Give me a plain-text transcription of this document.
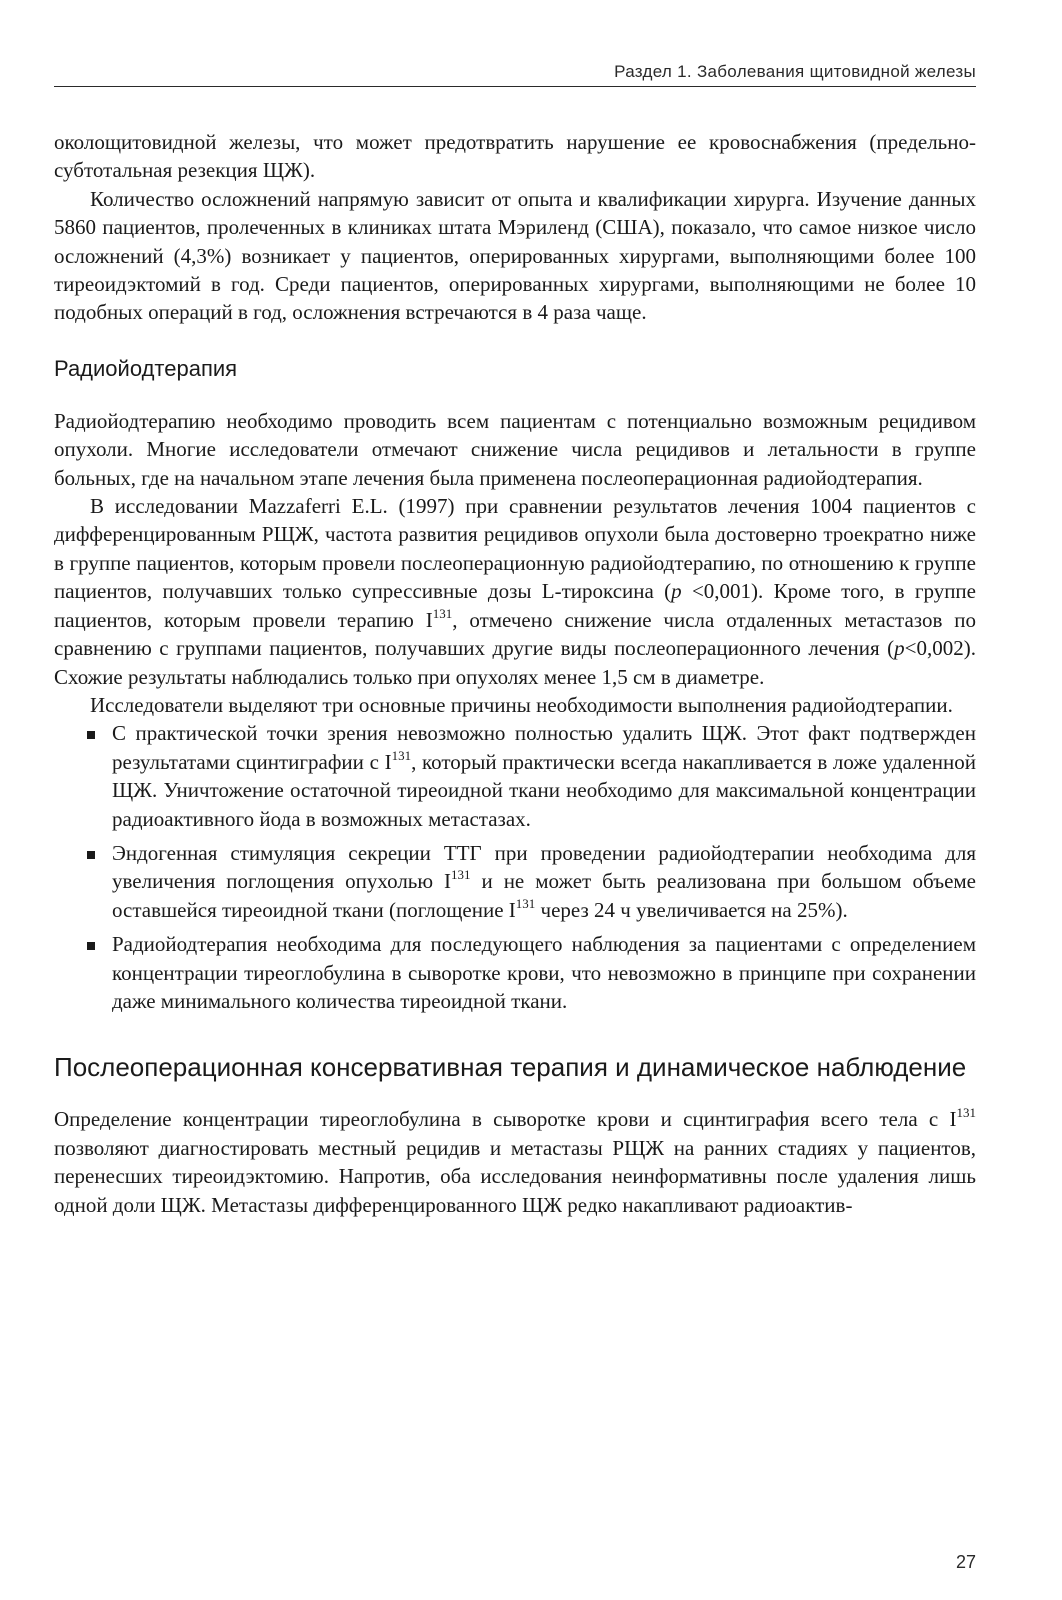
Раздел 1. Заболевания щитовидной железы

околощитовидной железы, что может предотвратить нарушение ее кровоснабжения (предельно-субтотальная резекция ЩЖ).

Количество осложнений напрямую зависит от опыта и квалификации хирурга. Изучение данных 5860 пациентов, пролеченных в клиниках штата Мэриленд (США), показало, что самое низкое число осложнений (4,3%) возникает у пациентов, оперированных хирургами, выполняющими более 100 тиреоидэктомий в год. Среди пациентов, оперированных хирургами, выполняющими не более 10 подобных операций в год, осложнения встречаются в 4 раза чаще.

Радиойодтерапия

Радиойодтерапию необходимо проводить всем пациентам с потенциально возможным рецидивом опухоли. Многие исследователи отмечают снижение числа рецидивов и летальности в группе больных, где на начальном этапе лечения была применена послеоперационная радиойодтерапия.

В исследовании Mazzaferri E.L. (1997) при сравнении результатов лечения 1004 пациентов с дифференцированным РЩЖ, частота развития рецидивов опухоли была достоверно троекратно ниже в группе пациентов, которым провели послеоперационную радиойодтерапию, по отношению к группе пациентов, получавших только супрессивные дозы L-тироксина (p <0,001). Кроме того, в группе пациентов, которым провели терапию $I^{131}$, отмечено снижение числа отдаленных метастазов по сравнению с группами пациентов, получавших другие виды послеоперационного лечения (p<0,002). Схожие результаты наблюдались только при опухолях менее 1,5 см в диаметре.

Исследователи выделяют три основные причины необходимости выполнения радиойодтерапии.

С практической точки зрения невозможно полностью удалить ЩЖ. Этот факт подтвержден результатами сцинтиграфии с $I^{131}$, который практически всегда накапливается в ложе удаленной ЩЖ. Уничтожение остаточной тиреоидной ткани необходимо для максимальной концентрации радиоактивного йода в возможных метастазах.

Эндогенная стимуляция секреции ТТГ при проведении радиойодтерапии необходима для увеличения поглощения опухолью $I^{131}$ и не может быть реализована при большом объеме оставшейся тиреоидной ткани (поглощение $I^{131}$ через 24 ч увеличивается на 25%).

Радиойодтерапия необходима для последующего наблюдения за пациентами с определением концентрации тиреоглобулина в сыворотке крови, что невозможно в принципе при сохранении даже минимального количества тиреоидной ткани.

Послеоперационная консервативная терапия и динамическое наблюдение

Определение концентрации тиреоглобулина в сыворотке крови и сцинтиграфия всего тела с $I^{131}$ позволяют диагностировать местный рецидив и метастазы РЩЖ на ранних стадиях у пациентов, перенесших тиреоидэктомию. Напротив, оба исследования неинформативны после удаления лишь одной доли ЩЖ. Метастазы дифференцированного ЩЖ редко накапливают радиоактив-

27
